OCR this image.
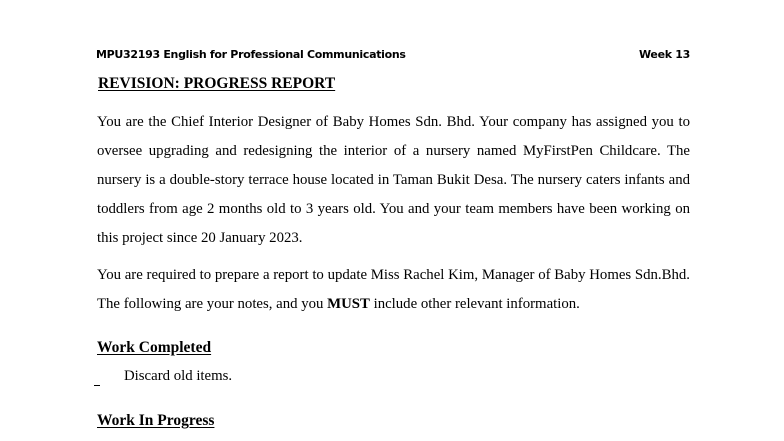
MPU32193 English for Professional Communications	Week 13
REVISION: PROGRESS REPORT
You are the Chief Interior Designer of Baby Homes Sdn. Bhd. Your company has assigned you to oversee upgrading and redesigning the interior of a nursery named MyFirstPen Childcare. The nursery is a double-story terrace house located in Taman Bukit Desa. The nursery caters infants and toddlers from age 2 months old to 3 years old. You and your team members have been working on this project since 20 January 2023.
You are required to prepare a report to update Miss Rachel Kim, Manager of Baby Homes Sdn.Bhd. The following are your notes, and you MUST include other relevant information.
Work Completed
Discard old items.
Work In Progress
